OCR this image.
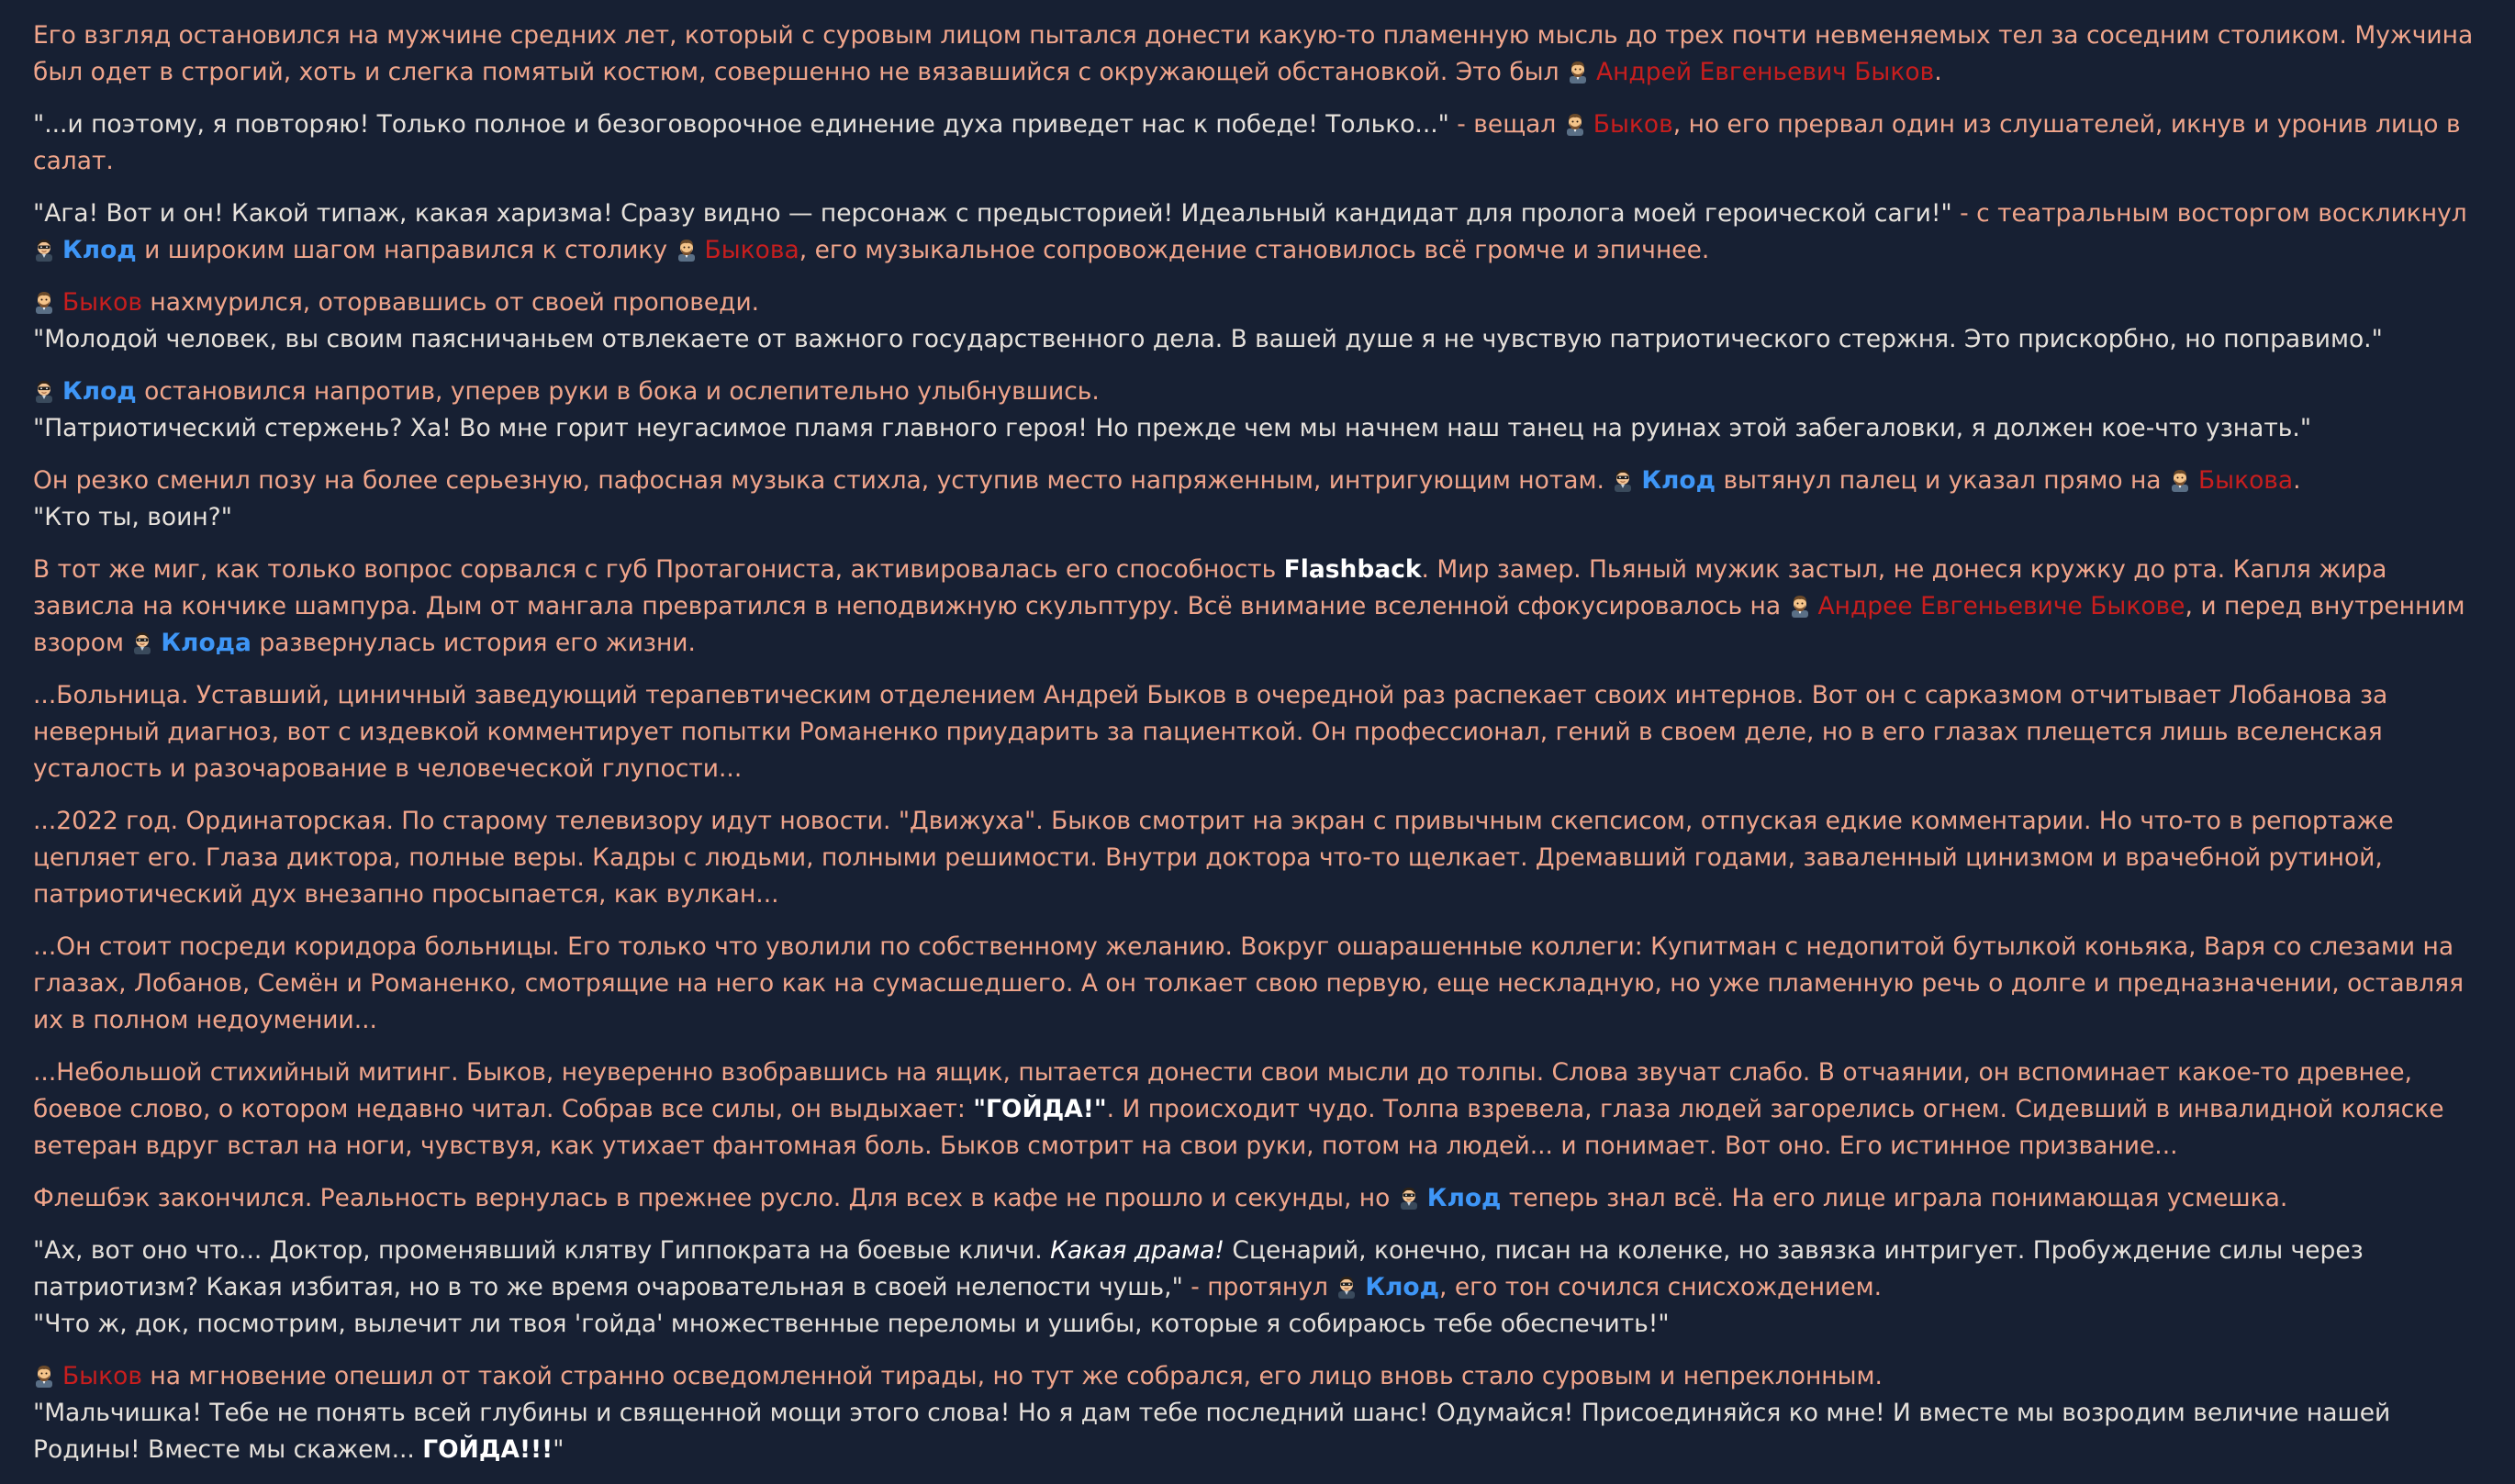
Его взгляд остановился на мужчине средних лет, который с суровым лицом пытался донести какую-то пламенную мысль до трех почти невменяемых тел за соседним столиком. Мужчина был одет в строгий, хоть и слегка помятый костюм, совершенно не вязавшийся с окружающей обстановкой. Это был
Андрей Евгеньевич Быков.
"...и поэтому, я повторяю! Только полное и безоговорочное единение духа приведет нас к победе! Только..." - вещал
Быков, но его прервал один из слушателей, икнув и уронив лицо в салат.
"Ага! Вот и он! Какой типаж, какая харизма! Сразу видно — персонаж с предысторией! Идеальный кандидат для пролога моей героической саги!" - с театральным восторгом воскликнул
Клод и широким шагом направился к столику
Быкова, его музыкальное сопровождение становилось всё громче и эпичнее.
Быков нахмурился, оторвавшись от своей проповеди.
"Молодой человек, вы своим паясничаньем отвлекаете от важного государственного дела. В вашей душе я не чувствую патриотического стержня. Это прискорбно, но поправимо."
Клод остановился напротив, уперев руки в бока и ослепительно улыбнувшись.
"Патриотический стержень? Ха! Во мне горит неугасимое пламя главного героя! Но прежде чем мы начнем наш танец на руинах этой забегаловки, я должен кое-что узнать."
Он резко сменил позу на более серьезную, пафосная музыка стихла, уступив место напряженным, интригующим нотам.
Клод вытянул палец и указал прямо на
Быкова.
"Кто ты, воин?"
В тот же миг, как только вопрос сорвался с губ Протагониста, активировалась его способность Flashback. Мир замер. Пьяный мужик застыл, не донеся кружку до рта. Капля жира зависла на кончике шампура. Дым от мангала превратился в неподвижную скульптуру. Всё внимание вселенной сфокусировалось на
Андрее Евгеньевиче Быкове, и перед внутренним взором
Клода развернулась история его жизни.
...Больница. Уставший, циничный заведующий терапевтическим отделением Андрей Быков в очередной раз распекает своих интернов. Вот он с сарказмом отчитывает Лобанова за неверный диагноз, вот с издевкой комментирует попытки Романенко приударить за пациенткой. Он профессионал, гений в своем деле, но в его глазах плещется лишь вселенская усталость и разочарование в человеческой глупости...
...2022 год. Ординаторская. По старому телевизору идут новости. "Движуха". Быков смотрит на экран с привычным скепсисом, отпуская едкие комментарии. Но что-то в репортаже цепляет его. Глаза диктора, полные веры. Кадры с людьми, полными решимости. Внутри доктора что-то щелкает. Дремавший годами, заваленный цинизмом и врачебной рутиной, патриотический дух внезапно просыпается, как вулкан...
...Он стоит посреди коридора больницы. Его только что уволили по собственному желанию. Вокруг ошарашенные коллеги: Купитман с недопитой бутылкой коньяка, Варя со слезами на глазах, Лобанов, Семён и Романенко, смотрящие на него как на сумасшедшего. А он толкает свою первую, еще нескладную, но уже пламенную речь о долге и предназначении, оставляя их в полном недоумении...
...Небольшой стихийный митинг. Быков, неуверенно взобравшись на ящик, пытается донести свои мысли до толпы. Слова звучат слабо. В отчаянии, он вспоминает какое-то древнее, боевое слово, о котором недавно читал. Собрав все силы, он выдыхает: "ГОЙДА!". И происходит чудо. Толпа взревела, глаза людей загорелись огнем. Сидевший в инвалидной коляске ветеран вдруг встал на ноги, чувствуя, как утихает фантомная боль. Быков смотрит на свои руки, потом на людей... и понимает. Вот оно. Его истинное призвание...
Флешбэк закончился. Реальность вернулась в прежнее русло. Для всех в кафе не прошло и секунды, но
Клод теперь знал всё. На его лице играла понимающая усмешка.
"Ах, вот оно что... Доктор, променявший клятву Гиппократа на боевые кличи. Какая драма! Сценарий, конечно, писан на коленке, но завязка интригует. Пробуждение силы через патриотизм? Какая избитая, но в то же время очаровательная в своей нелепости чушь," - протянул
Клод, его тон сочился снисхождением.
"Что ж, док, посмотрим, вылечит ли твоя 'гойда' множественные переломы и ушибы, которые я собираюсь тебе обеспечить!"
Быков на мгновение опешил от такой странно осведомленной тирады, но тут же собрался, его лицо вновь стало суровым и непреклонным.
"Мальчишка! Тебе не понять всей глубины и священной мощи этого слова! Но я дам тебе последний шанс! Одумайся! Присоединяйся ко мне! И вместе мы возродим величие нашей Родины! Вместе мы скажем... ГОЙДА!!!"
